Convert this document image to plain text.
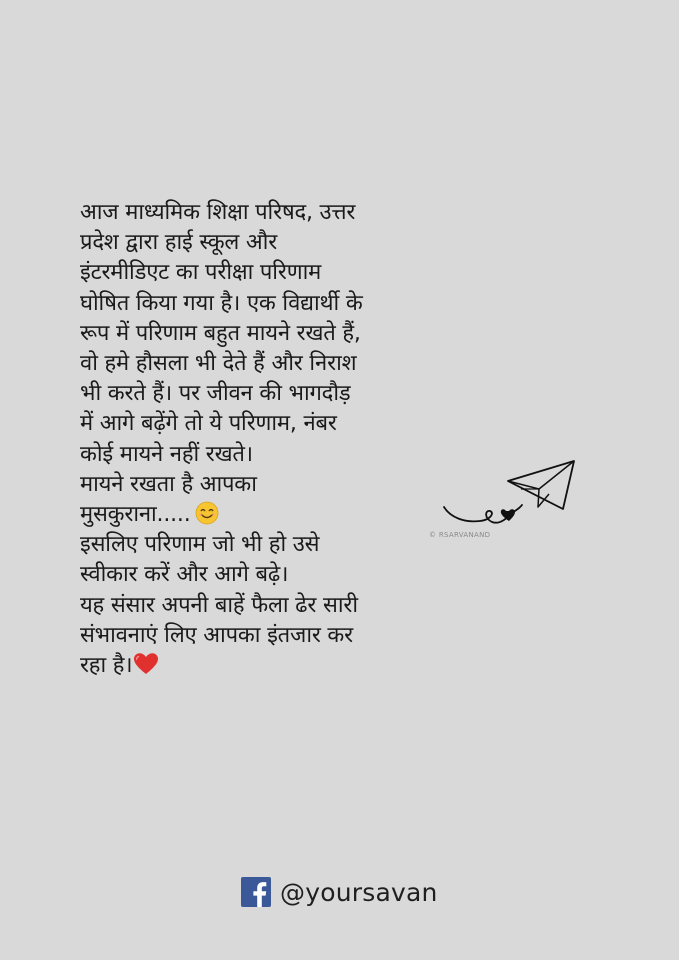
आज माध्यमिक शिक्षा परिषद, उत्तर
प्रदेश द्वारा हाई स्कूल और
इंटरमीडिएट का परीक्षा परिणाम
घोषित किया गया है। एक विद्यार्थी के
रूप में परिणाम बहुत मायने रखते हैं,
वो हमे हौसला भी देते हैं और निराश
भी करते हैं। पर जीवन की भागदौड़
में आगे बढ़ेंगे तो ये परिणाम, नंबर
कोई मायने नहीं रखते।
मायने रखता है आपका
मुसकुराना.....
इसलिए परिणाम जो भी हो उसे
स्वीकार करें और आगे बढ़े।
यह संसार अपनी बाहें फैला ढेर सारी
संभावनाएं लिए आपका इंतजार कर
रहा है।
© RSARVANAND
@yoursavan
